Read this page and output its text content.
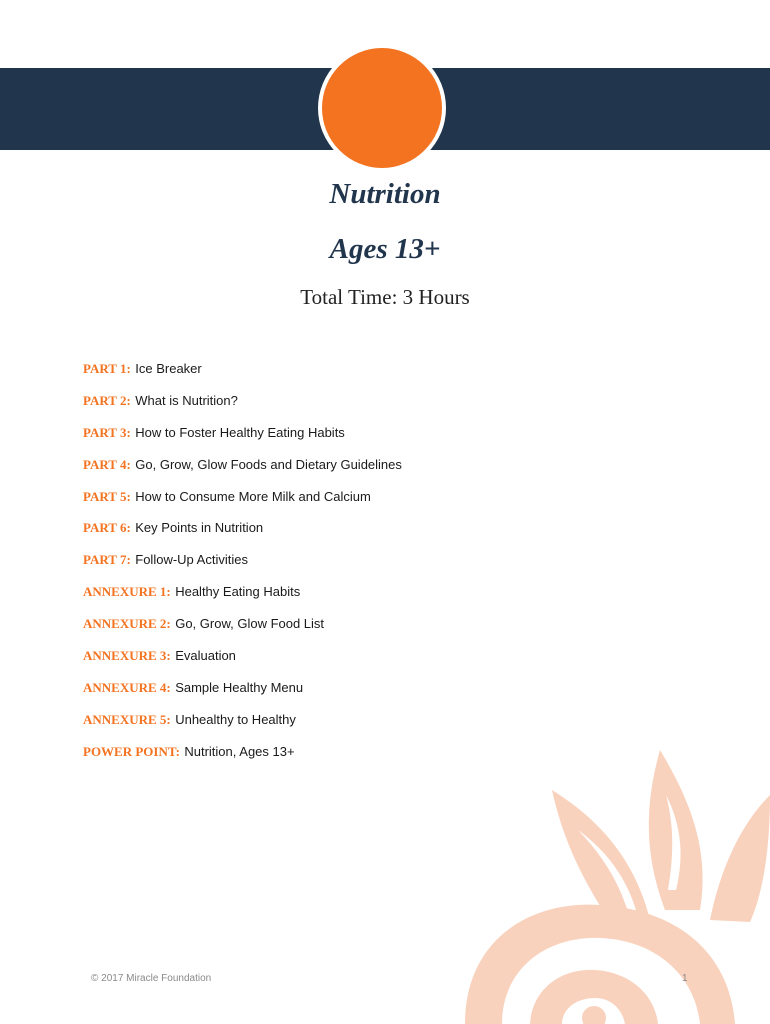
Nutrition
Ages 13+

Total Time: 3 Hours

PART 1: Ice Breaker
PART 2: What is Nutrition?
PART 3: How to Foster Healthy Eating Habits
PART 4: Go, Grow, Glow Foods and Dietary Guidelines
PART 5: How to Consume More Milk and Calcium
PART 6: Key Points in Nutrition
PART 7: Follow-Up Activities
ANNEXURE 1: Healthy Eating Habits
ANNEXURE 2: Go, Grow, Glow Food List
ANNEXURE 3: Evaluation
ANNEXURE 4: Sample Healthy Menu
ANNEXURE 5: Unhealthy to Healthy
POWER POINT: Nutrition, Ages 13+
© 2017 Miracle Foundation	1
